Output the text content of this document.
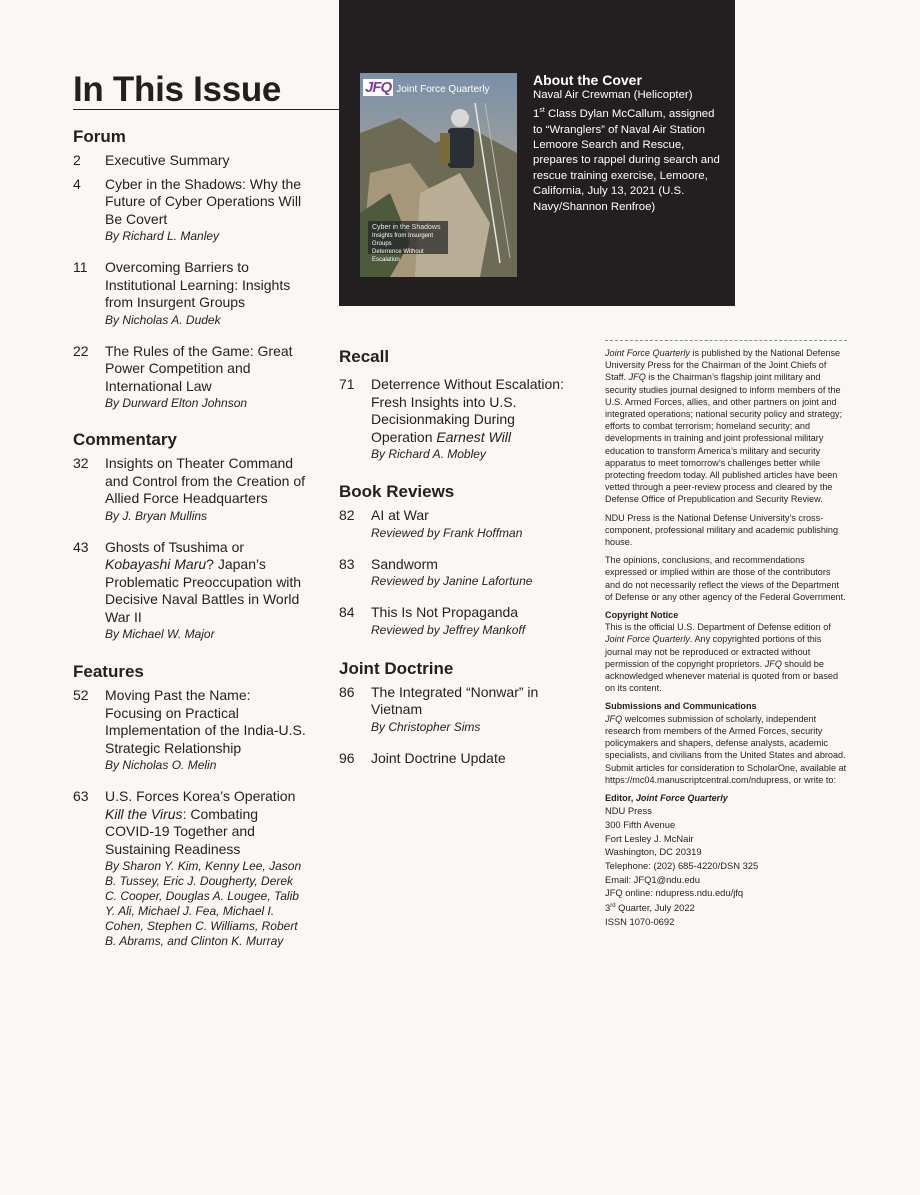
JFQ Joint Force Quarterly
Cyber in the Shadows
Insights from Insurgent Groups
Deterrence Without Escalation
About the Cover

Naval Air Crewman (Helicopter)
1st Class Dylan McCallum, assigned to “Wranglers” of Naval Air Station Lemoore Search and Rescue, prepares to rappel during search and rescue training exercise, Lemoore, California, July 13, 2021 (U.S. Navy/Shannon Renfroe)

In This Issue
Forum
2 Executive Summary
4 Cyber in the Shadows: Why the Future of Cyber Operations Will Be Covert
By Richard L. Manley
11 Overcoming Barriers to Institutional Learning: Insights from Insurgent Groups
By Nicholas A. Dudek
22 The Rules of the Game: Great Power Competition and International Law
By Durward Elton Johnson
Commentary
32 Insights on Theater Command and Control from the Creation of Allied Force Headquarters
By J. Bryan Mullins
43 Ghosts of Tsushima or Kobayashi Maru? Japan’s Problematic Preoccupation with Decisive Naval Battles in World War II
By Michael W. Major
Features
52 Moving Past the Name: Focusing on Practical Implementation of the India-U.S. Strategic Relationship
By Nicholas O. Melin
63 U.S. Forces Korea’s Operation Kill the Virus: Combating COVID-19 Together and Sustaining Readiness
By Sharon Y. Kim, Kenny Lee, Jason B. Tussey, Eric J. Dougherty, Derek C. Cooper, Douglas A. Lougee, Talib Y. Ali, Michael J. Fea, Michael I. Cohen, Stephen C. Williams, Robert B. Abrams, and Clinton K. Murray
Recall
71 Deterrence Without Escalation: Fresh Insights into U.S. Decisionmaking During Operation Earnest Will
By Richard A. Mobley
Book Reviews
82 AI at War
Reviewed by Frank Hoffman
83 Sandworm
Reviewed by Janine Lafortune
84 This Is Not Propaganda
Reviewed by Jeffrey Mankoff
Joint Doctrine
86 The Integrated “Nonwar” in Vietnam
By Christopher Sims
96 Joint Doctrine Update

Joint Force Quarterly is published by the National Defense University Press for the Chairman of the Joint Chiefs of Staff. JFQ is the Chairman’s flagship joint military and security studies journal designed to inform members of the U.S. Armed Forces, allies, and other partners on joint and integrated operations; national security policy and strategy; efforts to combat terrorism; homeland security; and developments in training and joint professional military education to transform America’s military and security apparatus to meet tomorrow’s challenges better while protecting freedom today. All published articles have been vetted through a peer-review process and cleared by the Defense Office of Prepublication and Security Review.

NDU Press is the National Defense University’s cross-component, professional military and academic publishing house.

The opinions, conclusions, and recommendations expressed or implied within are those of the contributors and do not necessarily reflect the views of the Department of Defense or any other agency of the Federal Government.

Copyright Notice

This is the official U.S. Department of Defense edition of Joint Force Quarterly. Any copyrighted portions of this journal may not be reproduced or extracted without permission of the copyright proprietors. JFQ should be acknowledged whenever material is quoted from or based on its content.

Submissions and Communications

JFQ welcomes submission of scholarly, independent research from members of the Armed Forces, security policymakers and shapers, defense analysts, academic specialists, and civilians from the United States and abroad. Submit articles for consideration to ScholarOne, available at https://mc04.manuscriptcentral.com/ndupress, or write to:

Editor, Joint Force Quarterly
NDU Press
300 Fifth Avenue
Fort Lesley J. McNair
Washington, DC 20319
Telephone: (202) 685-4220/DSN 325
Email: JFQ1@ndu.edu
JFQ online: ndupress.ndu.edu/jfq
3rd Quarter, July 2022
ISSN 1070-0692
